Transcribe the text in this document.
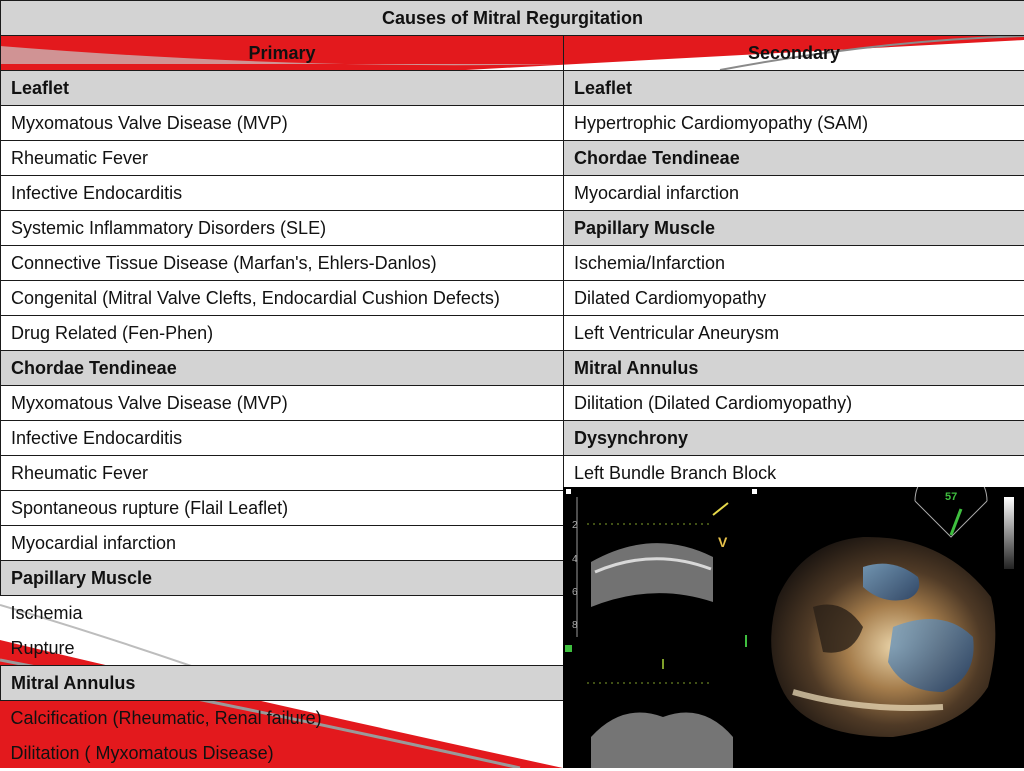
Causes of Mitral Regurgitation	
Primary	Secondary
Leaflet	Leaflet
Myxomatous Valve Disease (MVP)	Hypertrophic Cardiomyopathy (SAM)
Rheumatic Fever	Chordae Tendineae
Infective Endocarditis	Myocardial infarction
Systemic Inflammatory Disorders (SLE)	Papillary Muscle
Connective Tissue Disease (Marfan's, Ehlers-Danlos)	Ischemia/Infarction
Congenital (Mitral Valve Clefts, Endocardial Cushion Defects)	Dilated Cardiomyopathy
Drug Related (Fen-Phen)	Left Ventricular Aneurysm
Chordae Tendineae	Mitral Annulus
Myxomatous Valve Disease (MVP)	Dilitation (Dilated Cardiomyopathy)
Infective Endocarditis	Dysynchrony
Rheumatic Fever	Left Bundle Branch Block
Spontaneous rupture (Flail Leaflet)	
Myocardial infarction	
Papillary Muscle	
Ischemia	
Rupture	
Mitral Annulus	
Calcification (Rheumatic, Renal failure)	
Dilitation ( Myxomatous Disease)	
2
4
6
8
V
57
